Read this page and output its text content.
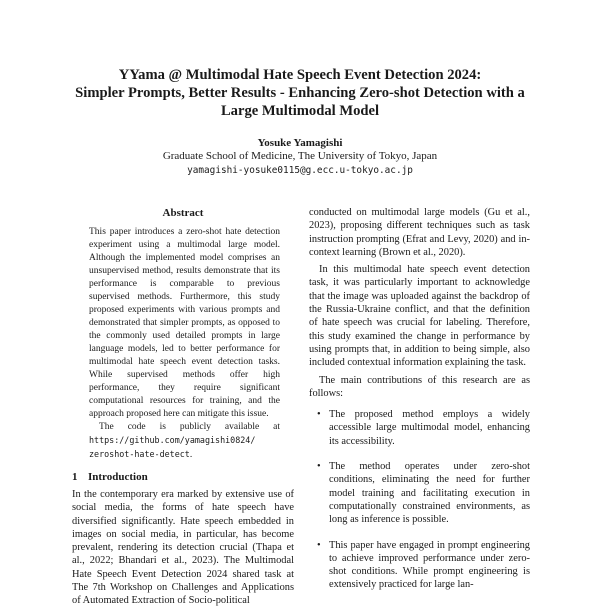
YYama @ Multimodal Hate Speech Event Detection 2024:
Simpler Prompts, Better Results - Enhancing Zero-shot Detection with a
Large Multimodal Model
Yosuke Yamagishi
Graduate School of Medicine, The University of Tokyo, Japan
yamagishi-yosuke0115@g.ecc.u-tokyo.ac.jp
Abstract

This paper introduces a zero-shot hate detection experiment using a multimodal large model. Although the implemented model comprises an unsupervised method, results demonstrate that its performance is comparable to previous supervised methods. Furthermore, this study proposed experiments with various prompts and demonstrated that simpler prompts, as opposed to the commonly used detailed prompts in large language models, led to better performance for multimodal hate speech event detection tasks. While supervised methods offer high performance, they require significant computational resources for training, and the approach proposed here can mitigate this issue.

The code is publicly available at https://github.com/yamagishi0824/ zeroshot-hate-detect.

1 Introduction

In the contemporary era marked by extensive use of social media, the forms of hate speech have diversified significantly. Hate speech embedded in images on social media, in particular, has become prevalent, rendering its detection crucial (Thapa et al., 2022; Bhandari et al., 2023). The Multimodal Hate Speech Event Detection 2024 shared task at The 7th Workshop on Challenges and Applications of Automated Extraction of Socio-political

conducted on multimodal large models (Gu et al., 2023), proposing different techniques such as task instruction prompting (Efrat and Levy, 2020) and in-context learning (Brown et al., 2020).

In this multimodal hate speech event detection task, it was particularly important to acknowledge that the image was uploaded against the backdrop of the Russia-Ukraine conflict, and that the definition of hate speech was crucial for labeling. Therefore, this study examined the change in performance by using prompts that, in addition to being simple, also included contextual information explaining the task.

The main contributions of this research are as follows:

• The proposed method employs a widely accessible large multimodal model, enhancing its accessibility.
• The method operates under zero-shot conditions, eliminating the need for further model training and facilitating execution in computationally constrained environments, as long as inference is possible.
• This paper have engaged in prompt engineering to achieve improved performance under zero-shot conditions. While prompt engineering is extensively practiced for large lan-
